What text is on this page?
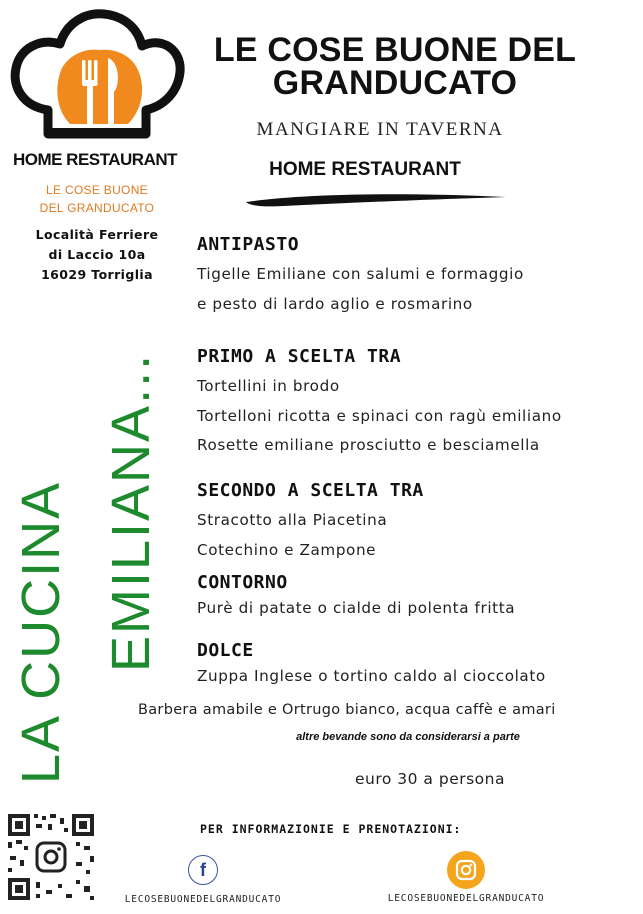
HOME RESTAURANT
LE COSE BUONE
DEL GRANDUCATO
Località Ferriere
di Laccio 10a
16029 Torriglia
LE COSE BUONE DEL
GRANDUCATO
MANGIARE IN TAVERNA
HOME RESTAURANT
LA CUCINA EMILIANA...
ANTIPASTO
Tigelle Emiliane con salumi e formaggio
e pesto di lardo aglio e rosmarino
PRIMO A SCELTA TRA
Tortellini in brodo
Tortelloni ricotta e spinaci con ragù emiliano
Rosette emiliane prosciutto e besciamella
SECONDO A SCELTA TRA
Stracotto alla Piacetina
Cotechino e Zampone
CONTORNO
Purè di patate o cialde di polenta fritta
DOLCE
Zuppa Inglese o tortino caldo al cioccolato
Barbera amabile e Ortrugo bianco, acqua caffè e amari
altre bevande sono da considerarsi a parte
euro 30 a persona
PER INFORMAZIONIE E PRENOTAZIONI:
f
LECOSEBUONEDELGRANDUCATO	LECOSEBUONEDELGRANDUCATO
